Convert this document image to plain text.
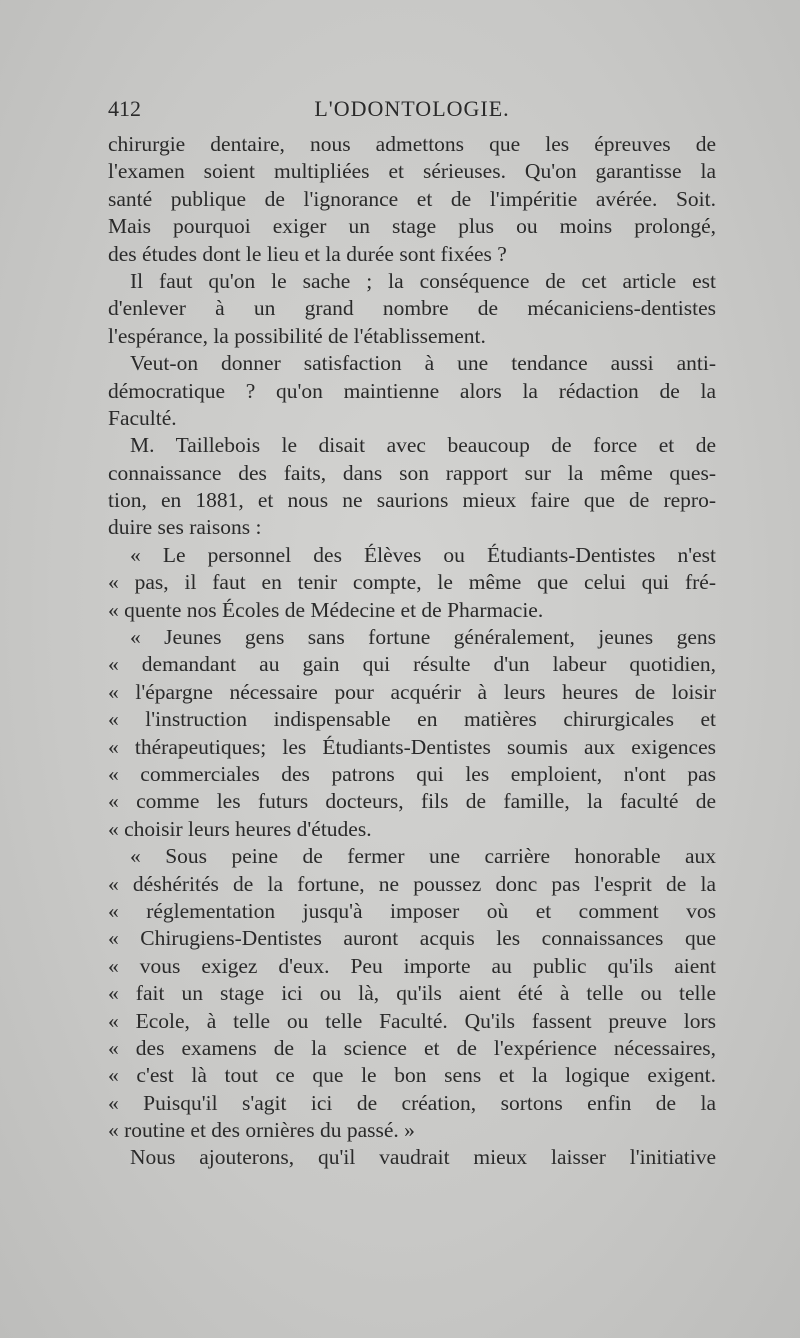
412	L'ODONTOLOGIE.
chirurgie dentaire, nous admettons que les épreuves de
l'examen soient multipliées et sérieuses. Qu'on garantisse la
santé publique de l'ignorance et de l'impéritie avérée. Soit.
Mais pourquoi exiger un stage plus ou moins prolongé,
des études dont le lieu et la durée sont fixées ?
Il faut qu'on le sache ; la conséquence de cet article est
d'enlever à un grand nombre de mécaniciens-dentistes
l'espérance, la possibilité de l'établissement.
Veut-on donner satisfaction à une tendance aussi anti-
démocratique ? qu'on maintienne alors la rédaction de la
Faculté.
M. Taillebois le disait avec beaucoup de force et de
connaissance des faits, dans son rapport sur la même ques-
tion, en 1881, et nous ne saurions mieux faire que de repro-
duire ses raisons :
« Le personnel des Élèves ou Étudiants-Dentistes n'est
« pas, il faut en tenir compte, le même que celui qui fré-
« quente nos Écoles de Médecine et de Pharmacie.
« Jeunes gens sans fortune généralement, jeunes gens
« demandant au gain qui résulte d'un labeur quotidien,
« l'épargne nécessaire pour acquérir à leurs heures de loisir
« l'instruction indispensable en matières chirurgicales et
« thérapeutiques; les Étudiants-Dentistes soumis aux exigences
« commerciales des patrons qui les emploient, n'ont pas
« comme les futurs docteurs, fils de famille, la faculté de
« choisir leurs heures d'études.
« Sous peine de fermer une carrière honorable aux
« déshérités de la fortune, ne poussez donc pas l'esprit de la
« réglementation jusqu'à imposer où et comment vos
« Chirugiens-Dentistes auront acquis les connaissances que
« vous exigez d'eux. Peu importe au public qu'ils aient
« fait un stage ici ou là, qu'ils aient été à telle ou telle
« Ecole, à telle ou telle Faculté. Qu'ils fassent preuve lors
« des examens de la science et de l'expérience nécessaires,
« c'est là tout ce que le bon sens et la logique exigent.
« Puisqu'il s'agit ici de création, sortons enfin de la
« routine et des ornières du passé. »
Nous ajouterons, qu'il vaudrait mieux laisser l'initiative
